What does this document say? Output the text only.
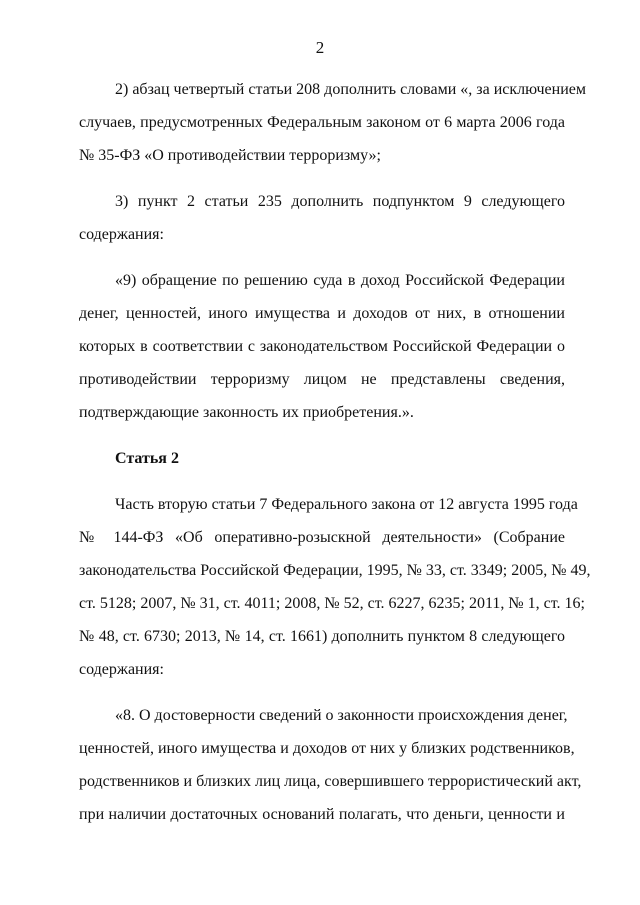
2

2) абзац четвертый статьи 208 дополнить словами «, за исключением
случаев, предусмотренных Федеральным законом от 6 марта 2006 года
№ 35-ФЗ «О противодействии терроризму»;

3) пункт 2 статьи 235 дополнить подпунктом 9 следующего
содержания:

«9) обращение по решению суда в доход Российской Федерации
денег, ценностей, иного имущества и доходов от них, в отношении
которых в соответствии с законодательством Российской Федерации о
противодействии терроризму лицом не представлены сведения,
подтверждающие законность их приобретения.».

Статья 2

Часть вторую статьи 7 Федерального закона от 12 августа 1995 года
№ 144-ФЗ «Об оперативно-розыскной деятельности» (Собрание
законодательства Российской Федерации, 1995, № 33, ст. 3349; 2005, № 49,
ст. 5128; 2007, № 31, ст. 4011; 2008, № 52, ст. 6227, 6235; 2011, № 1, ст. 16;
№ 48, ст. 6730; 2013, № 14, ст. 1661) дополнить пунктом 8 следующего
содержания:

«8. О достоверности сведений о законности происхождения денег,
ценностей, иного имущества и доходов от них у близких родственников,
родственников и близких лиц лица, совершившего террористический акт,
при наличии достаточных оснований полагать, что деньги, ценности и
